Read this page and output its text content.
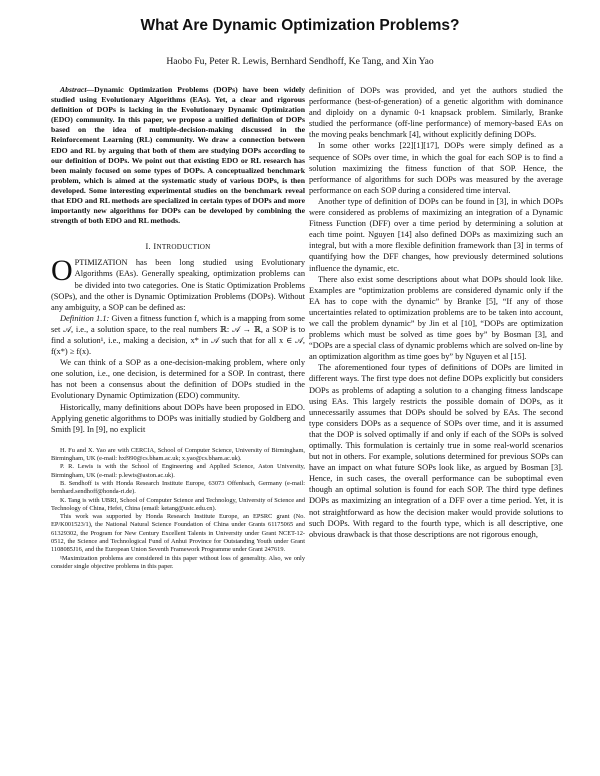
What Are Dynamic Optimization Problems?
Haobo Fu, Peter R. Lewis, Bernhard Sendhoff, Ke Tang, and Xin Yao

Abstract—Dynamic Optimization Problems (DOPs) have been widely studied using Evolutionary Algorithms (EAs). Yet, a clear and rigorous definition of DOPs is lacking in the Evolutionary Dynamic Optimization (EDO) community. In this paper, we propose a unified definition of DOPs based on the idea of multiple-decision-making discussed in the Reinforcement Learning (RL) community. We draw a connection between EDO and RL by arguing that both of them are studying DOPs according to our definition of DOPs. We point out that existing EDO or RL research has been mainly focused on some types of DOPs. A conceptualized benchmark problem, which is aimed at the systematic study of various DOPs, is then developed. Some interesting experimental studies on the benchmark reveal that EDO and RL methods are specialized in certain types of DOPs and more importantly new algorithms for DOPs can be developed by combining the strength of both EDO and RL methods.

I. INTRODUCTION

OPTIMIZATION has been long studied using Evolutionary Algorithms (EAs). Generally speaking, optimization problems can be divided into two categories. One is Static Optimization Problems (SOPs), and the other is Dynamic Optimization Problems (DOPs). Without any ambiguity, a SOP can be defined as:

Definition 1.1: Given a fitness function f, which is a mapping from some set 𝒜, i.e., a solution space, to the real numbers ℝ: 𝒜 → ℝ, a SOP is to find a solution¹, i.e., making a decision, x* in 𝒜 such that for all x ∈ 𝒜, f(x*) ≥ f(x).

We can think of a SOP as a one-decision-making problem, where only one solution, i.e., one decision, is determined for a SOP. In contrast, there has not been a consensus about the definition of DOPs studied in the Evolutionary Dynamic Optimization (EDO) community.

Historically, many definitions about DOPs have been proposed in EDO. Applying genetic algorithms to DOPs was initially studied by Goldberg and Smith [9]. In [9], no explicit

H. Fu and X. Yao are with CERCIA, School of Computer Science, University of Birmingham, Birmingham, UK (e-mail: hxf990@cs.bham.ac.uk; x.yao@cs.bham.ac.uk).

P. R. Lewis is with the School of Engineering and Applied Science, Aston University, Birmingham, UK (e-mail: p.lewis@aston.ac.uk).

B. Sendhoff is with Honda Research Institute Europe, 63073 Offenbach, Germany (e-mail: bernhard.sendhoff@honda-ri.de).

K. Tang is with UBRI, School of Computer Science and Technology, University of Science and Technology of China, Hefei, China (email: ketang@ustc.edu.cn).

This work was supported by Honda Research Institute Europe, an EPSRC grant (No. EP/K001523/1), the National Natural Science Foundation of China under Grants 61175065 and 61329302, the Program for New Century Excellent Talents in University under Grant NCET-12-0512, the Science and Technological Fund of Anhui Province for Outstanding Youth under Grant 1108085J16, and the European Union Seventh Framework Programme under Grant 247619.

¹Maximization problems are considered in this paper without loss of generality. Also, we only consider single objective problems in this paper.

definition of DOPs was provided, and yet the authors studied the performance (best-of-generation) of a genetic algorithm with dominance and diploidy on a dynamic 0-1 knapsack problem. Similarly, Branke studied the performance (off-line performance) of memory-based EAs on the moving peaks benchmark [4], without explicitly defining DOPs.

In some other works [22][1][17], DOPs were simply defined as a sequence of SOPs over time, in which the goal for each SOP is to find a solution maximizing the fitness function of that SOP. Hence, the performance of algorithms for such DOPs was measured by the average performance on each SOP during a considered time interval.

Another type of definition of DOPs can be found in [3], in which DOPs were considered as problems of maximizing an integration of a Dynamic Fitness Function (DFF) over a time period by determining a solution at each time point. Nguyen [14] also defined DOPs as maximizing such an integral, but with a more flexible definition framework than [3] in terms of quantifying how the DFF changes, how previously determined solutions influence the dynamic, etc.

There also exist some descriptions about what DOPs should look like. Examples are “optimization problems are considered dynamic only if the EA has to cope with the dynamic” by Branke [5], “If any of those uncertainties related to optimization problems are to be taken into account, we call the problem dynamic” by Jin et al [10], “DOPs are optimization problems which must be solved as time goes by” by Bosman [3], and “DOPs are a special class of dynamic problems which are solved on-line by an optimization algorithm as time goes by” by Nguyen et al [15].

The aforementioned four types of definitions of DOPs are limited in different ways. The first type does not define DOPs explicitly but considers DOPs as problems of adapting a solution to a changing fitness landscape using EAs. This largely restricts the possible domain of DOPs, as it unnecessarily assumes that DOPs should be solved by EAs. The second type considers DOPs as a sequence of SOPs over time, and it is assumed that the DOP is solved optimally if and only if each of the SOPs is solved optimally. This formulation is certainly true in some real-world scenarios but not in others. For example, solutions determined for previous SOPs can have an impact on what future SOPs look like, as argued by Bosman [3]. Hence, in such cases, the overall performance can be suboptimal even though an optimal solution is found for each SOP. The third type defines DOPs as maximizing an integration of a DFF over a time period. Yet, it is not straightforward as how the decision maker would provide solutions to such DOPs. With regard to the fourth type, which is all descriptive, one obvious drawback is that those descriptions are not rigorous enough,
